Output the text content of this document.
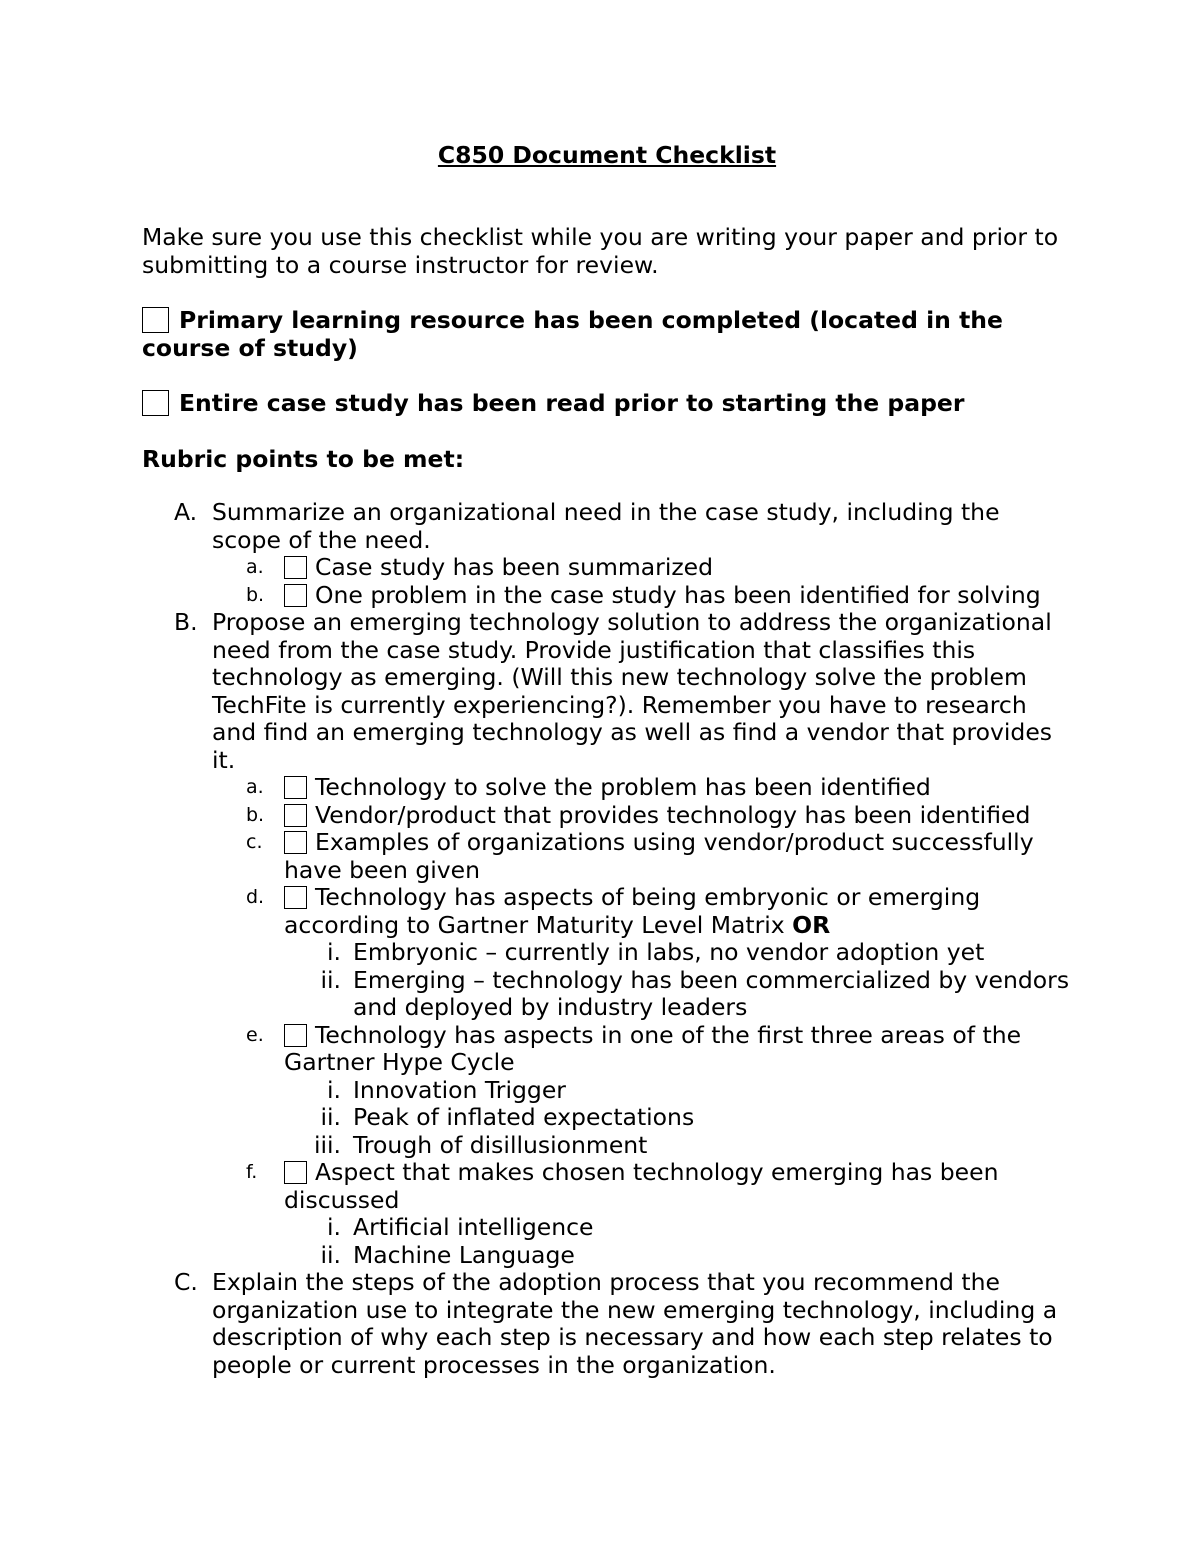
C850 Document Checklist
Make sure you use this checklist while you are writing your paper and prior to submitting to a course instructor for review.
Primary learning resource has been completed (located in the course of study)
Entire case study has been read prior to starting the paper
Rubric points to be met:
A. Summarize an organizational need in the case study, including the scope of the need.
a.	Case study has been summarized
b.	One problem in the case study has been identified for solving
B. Propose an emerging technology solution to address the organizational need from the case study. Provide justification that classifies this technology as emerging. (Will this new technology solve the problem TechFite is currently experiencing?). Remember you have to research and find an emerging technology as well as find a vendor that provides it.
a.	Technology to solve the problem has been identified
b.	Vendor/product that provides technology has been identified
c.	Examples of organizations using vendor/product successfully have been given
d.	Technology has aspects of being embryonic or emerging according to Gartner Maturity Level Matrix OR
i. Embryonic – currently in labs, no vendor adoption yet
ii. Emerging – technology has been commercialized by vendors and deployed by industry leaders
e.	Technology has aspects in one of the first three areas of the Gartner Hype Cycle
i. Innovation Trigger
ii. Peak of inflated expectations
iii. Trough of disillusionment
f.	Aspect that makes chosen technology emerging has been discussed
i. Artificial intelligence
ii. Machine Language
C. Explain the steps of the adoption process that you recommend the organization use to integrate the new emerging technology, including a description of why each step is necessary and how each step relates to people or current processes in the organization.
